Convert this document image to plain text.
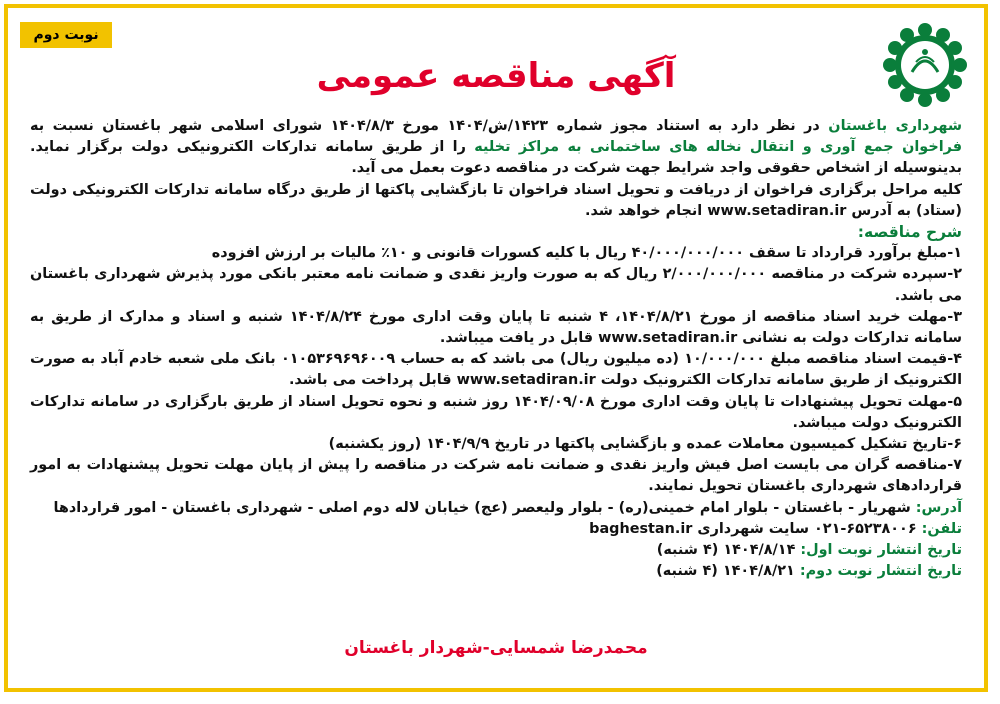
نوبت دوم
آگهی مناقصه عمومی

شهرداری باغستان در نظر دارد به استناد مجوز شماره ۱۴۲۳/ش/۱۴۰۴ مورخ ۱۴۰۴/۸/۳ شورای اسلامی شهر باغستان نسبت به فراخوان جمع آوری و انتقال نخاله های ساختمانی به مراکز تخلیه را از طریق سامانه تدارکات الکترونیکی دولت برگزار نماید. بدینوسیله از اشخاص حقوقی واجد شرایط جهت شرکت در مناقصه دعوت بعمل می آید.

کلیه مراحل برگزاری فراخوان از دریافت و تحویل اسناد فراخوان تا بازگشایی پاکتها از طریق درگاه سامانه تدارکات الکترونیکی دولت (ستاد) به آدرس www.setadiran.ir انجام خواهد شد.

شرح مناقصه:

۱-مبلغ برآورد قرارداد تا سقف ۴۰/۰۰۰/۰۰۰/۰۰۰ ریال با کلیه کسورات قانونی و ۱۰٪ مالیات بر ارزش افزوده

۲-سپرده شرکت در مناقصه ۲/۰۰۰/۰۰۰/۰۰۰ ریال که به صورت واریز نقدی و ضمانت نامه معتبر بانکی مورد پذیرش شهرداری باغستان می باشد.

۳-مهلت خرید اسناد مناقصه از مورخ ۱۴۰۴/۸/۲۱، ۴ شنبه تا پایان وقت اداری مورخ ۱۴۰۴/۸/۲۴ شنبه و اسناد و مدارک از طریق به سامانه تدارکات دولت به نشانی www.setadiran.ir قابل در یافت میباشد.

۴-قیمت اسناد مناقصه مبلغ ۱۰/۰۰۰/۰۰۰ (ده میلیون ریال) می باشد که به حساب ۰۱۰۵۳۶۹۶۹۶۰۰۹ بانک ملی شعبه خادم آباد به صورت الکترونیک از طریق سامانه تدارکات الکترونیک دولت www.setadiran.ir قابل پرداخت می باشد.

۵-مهلت تحویل پیشنهادات تا پایان وقت اداری مورخ ۱۴۰۴/۰۹/۰۸ روز شنبه و نحوه تحویل اسناد از طریق بارگزاری در سامانه تدارکات الکترونیک دولت میباشد.

۶-تاریخ تشکیل کمیسیون معاملات عمده و بازگشایی پاکتها در تاریخ ۱۴۰۴/۹/۹ (روز یکشنبه)

۷-مناقصه گران می بایست اصل فیش واریز نقدی و ضمانت نامه شرکت در مناقصه را پیش از پایان مهلت تحویل پیشنهادات به امور قراردادهای شهرداری باغستان تحویل نمایند.

آدرس: شهریار - باغستان - بلوار امام خمینی(ره) - بلوار ولیعصر (عج) خیابان لاله دوم اصلی - شهرداری باغستان - امور قراردادها

تلفن: ۶۵۲۳۸۰۰۶-۰۲۱ سایت شهرداری baghestan.ir

تاریخ انتشار نوبت اول: ۱۴۰۴/۸/۱۴ (۴ شنبه)

تاریخ انتشار نوبت دوم: ۱۴۰۴/۸/۲۱ (۴ شنبه)

محمدرضا شمسایی-شهردار باغستان
